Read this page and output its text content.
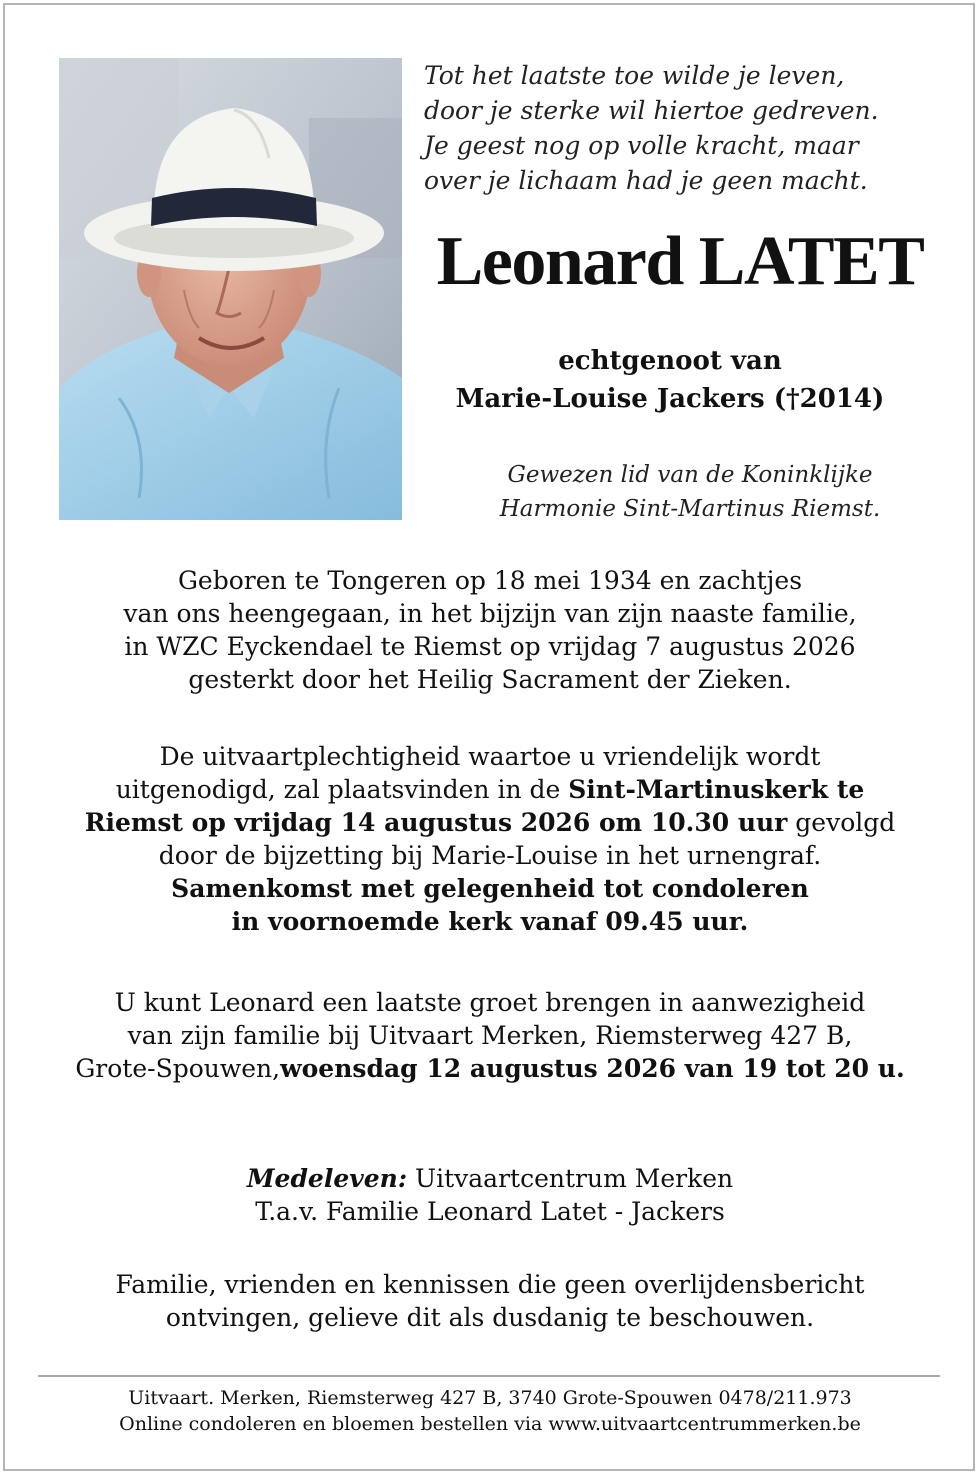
Tot het laatste toe wilde je leven,
door je sterke wil hiertoe gedreven.
Je geest nog op volle kracht, maar
over je lichaam had je geen macht.
Leonard LATET
echtgenoot van
Marie-Louise Jackers (†2014)
Gewezen lid van de Koninklijke
Harmonie Sint-Martinus Riemst.
Geboren te Tongeren op 18 mei 1934 en zachtjes
van ons heengegaan, in het bijzijn van zijn naaste familie,
in WZC Eyckendael te Riemst op vrijdag 7 augustus 2026
gesterkt door het Heilig Sacrament der Zieken.
De uitvaartplechtigheid waartoe u vriendelijk wordt
uitgenodigd, zal plaatsvinden in de Sint-Martinuskerk te
Riemst op vrijdag 14 augustus 2026 om 10.30 uur gevolgd
door de bijzetting bij Marie-Louise in het urnengraf.
Samenkomst met gelegenheid tot condoleren
in voornoemde kerk vanaf 09.45 uur.
U kunt Leonard een laatste groet brengen in aanwezigheid
van zijn familie bij Uitvaart Merken, Riemsterweg 427 B,
Grote-Spouwen,woensdag 12 augustus 2026 van 19 tot 20 u.
Medeleven: Uitvaartcentrum Merken
T.a.v. Familie Leonard Latet - Jackers
Familie, vrienden en kennissen die geen overlijdensbericht
ontvingen, gelieve dit als dusdanig te beschouwen.
Uitvaart. Merken, Riemsterweg 427 B, 3740 Grote-Spouwen 0478/211.973
Online condoleren en bloemen bestellen via www.uitvaartcentrummerken.be
